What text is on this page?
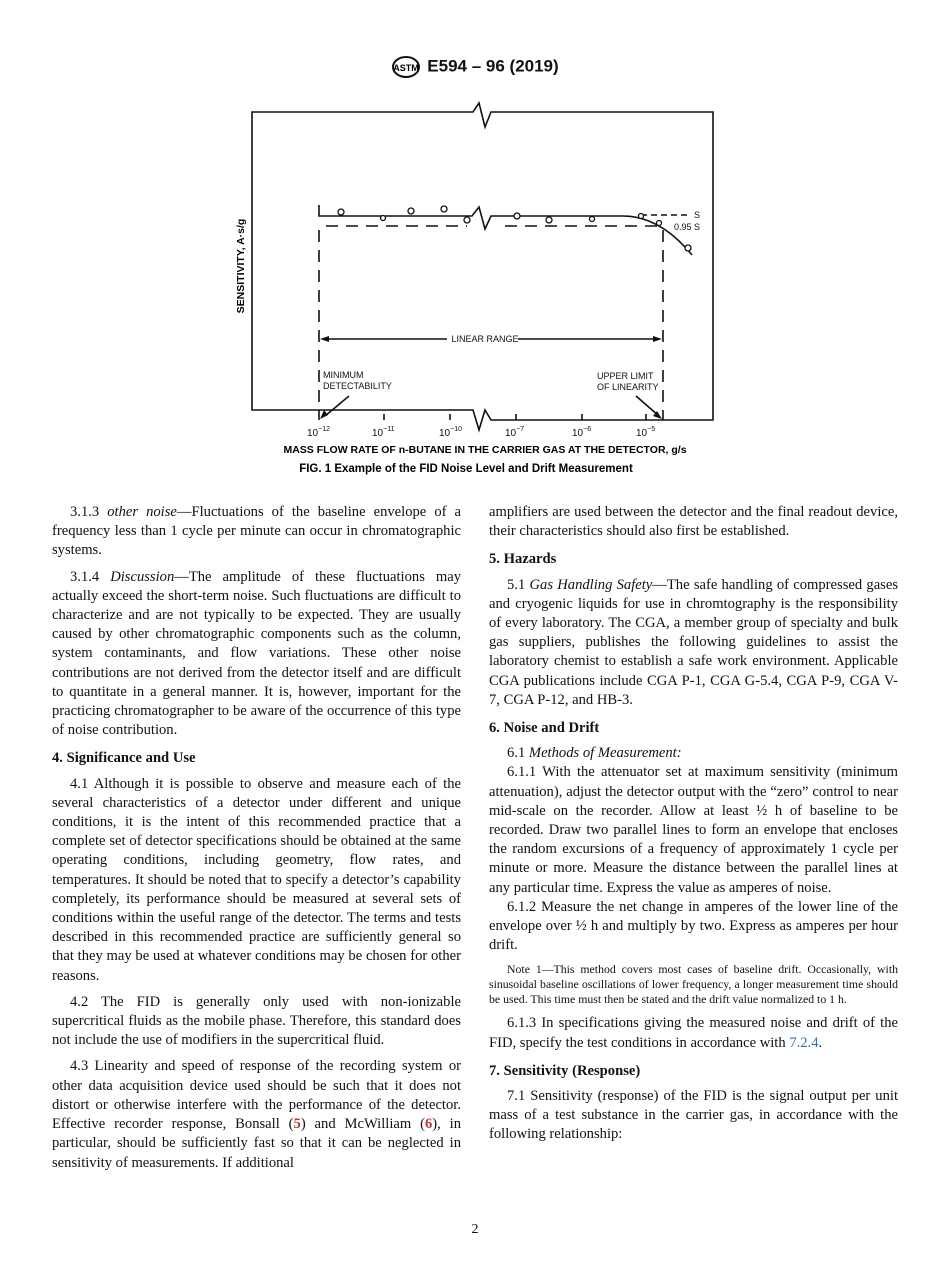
ASTM E594 – 96 (2019)
S
0.95 S
LINEAR RANGE
MINIMUM
DETECTABILITY
UPPER LIMIT
OF LINEARITY
$10^{-12}$	$10^{-11}$	$10^{-10}$	$10^{-7}$	$10^{-6}$	$10^{-5}$
MASS FLOW RATE OF n-BUTANE IN THE CARRIER GAS AT THE DETECTOR, g/s
SENSITIVITY, A·s/g
FIG. 1 Example of the FID Noise Level and Drift Measurement

3.1.3 other noise—Fluctuations of the baseline envelope of a frequency less than 1 cycle per minute can occur in chromatographic systems.

3.1.4 Discussion—The amplitude of these fluctuations may actually exceed the short-term noise. Such fluctuations are difficult to characterize and are not typically to be expected. They are usually caused by other chromatographic components such as the column, system contaminants, and flow variations. These other noise contributions are not derived from the detector itself and are difficult to quantitate in a general manner. It is, however, important for the practicing chromatographer to be aware of the occurrence of this type of noise contribution.

4. Significance and Use

4.1 Although it is possible to observe and measure each of the several characteristics of a detector under different and unique conditions, it is the intent of this recommended practice that a complete set of detector specifications should be obtained at the same operating conditions, including geometry, flow rates, and temperatures. It should be noted that to specify a detector’s capability completely, its performance should be measured at several sets of conditions within the useful range of the detector. The terms and tests described in this recommended practice are sufficiently general so that they may be used at whatever conditions may be chosen for other reasons.

4.2 The FID is generally only used with non-ionizable supercritical fluids as the mobile phase. Therefore, this standard does not include the use of modifiers in the supercritical fluid.

4.3 Linearity and speed of response of the recording system or other data acquisition device used should be such that it does not distort or otherwise interfere with the performance of the detector. Effective recorder response, Bonsall (5) and McWilliam (6), in particular, should be sufficiently fast so that it can be neglected in sensitivity of measurements. If additional

amplifiers are used between the detector and the final readout device, their characteristics should also first be established.

5. Hazards

5.1 Gas Handling Safety—The safe handling of compressed gases and cryogenic liquids for use in chromtography is the responsibility of every laboratory. The CGA, a member group of specialty and bulk gas suppliers, publishes the following guidelines to assist the laboratory chemist to establish a safe work environment. Applicable CGA publications include CGA P-1, CGA G-5.4, CGA P-9, CGA V-7, CGA P-12, and HB-3.

6. Noise and Drift

6.1 Methods of Measurement:

6.1.1 With the attenuator set at maximum sensitivity (minimum attenuation), adjust the detector output with the “zero” control to near mid-scale on the recorder. Allow at least ½ h of baseline to be recorded. Draw two parallel lines to form an envelope that encloses the random excursions of a frequency of approximately 1 cycle per minute or more. Measure the distance between the parallel lines at any particular time. Express the value as amperes of noise.

6.1.2 Measure the net change in amperes of the lower line of the envelope over ½ h and multiply by two. Express as amperes per hour drift.

Note 1—This method covers most cases of baseline drift. Occasionally, with sinusoidal baseline oscillations of lower frequency, a longer measurement time should be used. This time must then be stated and the drift value normalized to 1 h.

6.1.3 In specifications giving the measured noise and drift of the FID, specify the test conditions in accordance with 7.2.4.

7. Sensitivity (Response)

7.1 Sensitivity (response) of the FID is the signal output per unit mass of a test substance in the carrier gas, in accordance with the following relationship:

2
